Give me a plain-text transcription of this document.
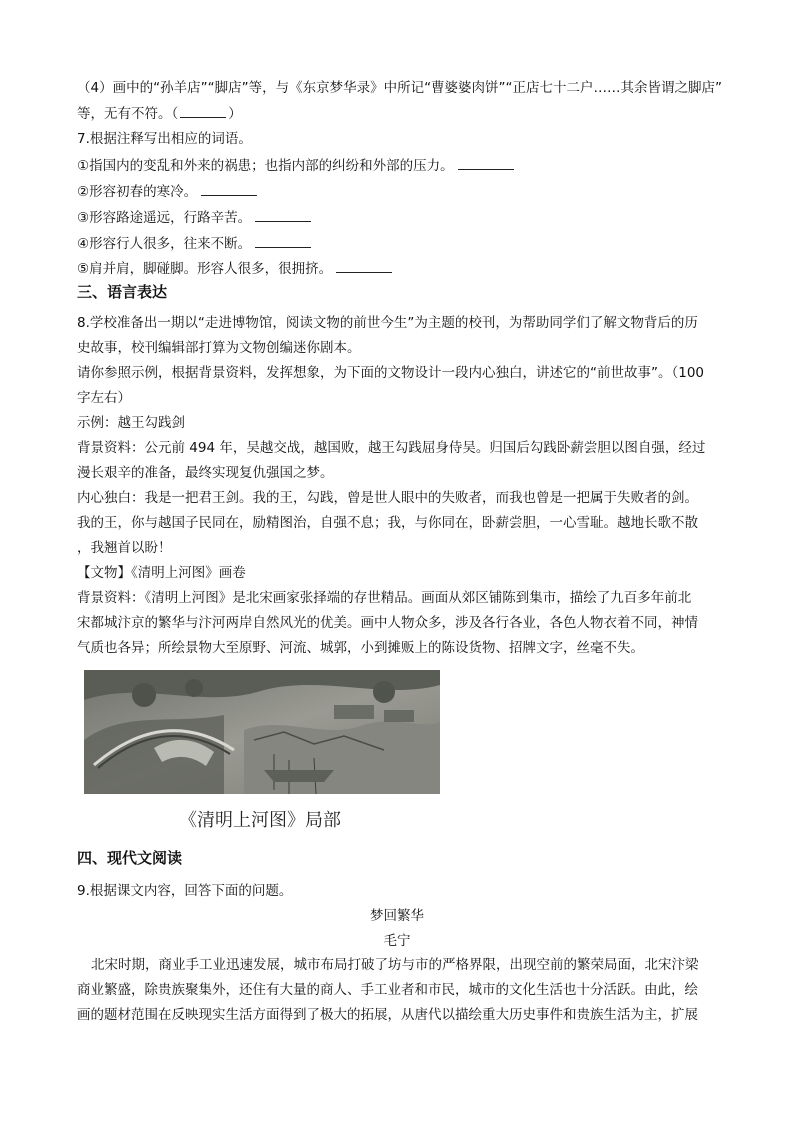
（4）画中的“孙羊店”“脚店”等，与《东京梦华录》中所记“曹婆婆肉饼”“正店七十二户……其余皆谓之脚店”
等，无有不符。（	）
7.根据注释写出相应的词语。
①指国内的变乱和外来的祸患；也指内部的纠纷和外部的压力。
②形容初春的寒冷。
③形容路途遥远，行路辛苦。
④形容行人很多，往来不断。
⑤肩并肩，脚碰脚。形容人很多，很拥挤。
三、语言表达
8.学校准备出一期以“走进博物馆，阅读文物的前世今生”为主题的校刊，为帮助同学们了解文物背后的历
史故事，校刊编辑部打算为文物创编迷你剧本。
请你参照示例，根据背景资料，发挥想象，为下面的文物设计一段内心独白，讲述它的“前世故事”。（100
字左右）
示例：越王勾践剑
背景资料：公元前 494 年，吴越交战，越国败，越王勾践屈身侍吴。归国后勾践卧薪尝胆以图自强，经过
漫长艰辛的准备，最终实现复仇强国之梦。
内心独白：我是一把君王剑。我的王，勾践，曾是世人眼中的失败者，而我也曾是一把属于失败者的剑。
我的王，你与越国子民同在，励精图治，自强不息；我，与你同在，卧薪尝胆，一心雪耻。越地长歌不散
，我翘首以盼！
【文物】《清明上河图》画卷
背景资料：《清明上河图》是北宋画家张择端的存世精品。画面从郊区铺陈到集市，描绘了九百多年前北
宋都城汴京的繁华与汴河两岸自然风光的优美。画中人物众多，涉及各行各业，各色人物衣着不同，神情
气质也各异；所绘景物大至原野、河流、城郭，小到摊贩上的陈设货物、招牌文字，丝毫不失。
《清明上河图》局部
四、现代文阅读
9.根据课文内容，回答下面的问题。
梦回繁华
毛宁
北宋时期，商业手工业迅速发展，城市布局打破了坊与市的严格界限，出现空前的繁荣局面，北宋汴梁
商业繁盛，除贵族聚集外，还住有大量的商人、手工业者和市民，城市的文化生活也十分活跃。由此，绘
画的题材范围在反映现实生活方面得到了极大的拓展，从唐代以描绘重大历史事件和贵族生活为主，扩展
